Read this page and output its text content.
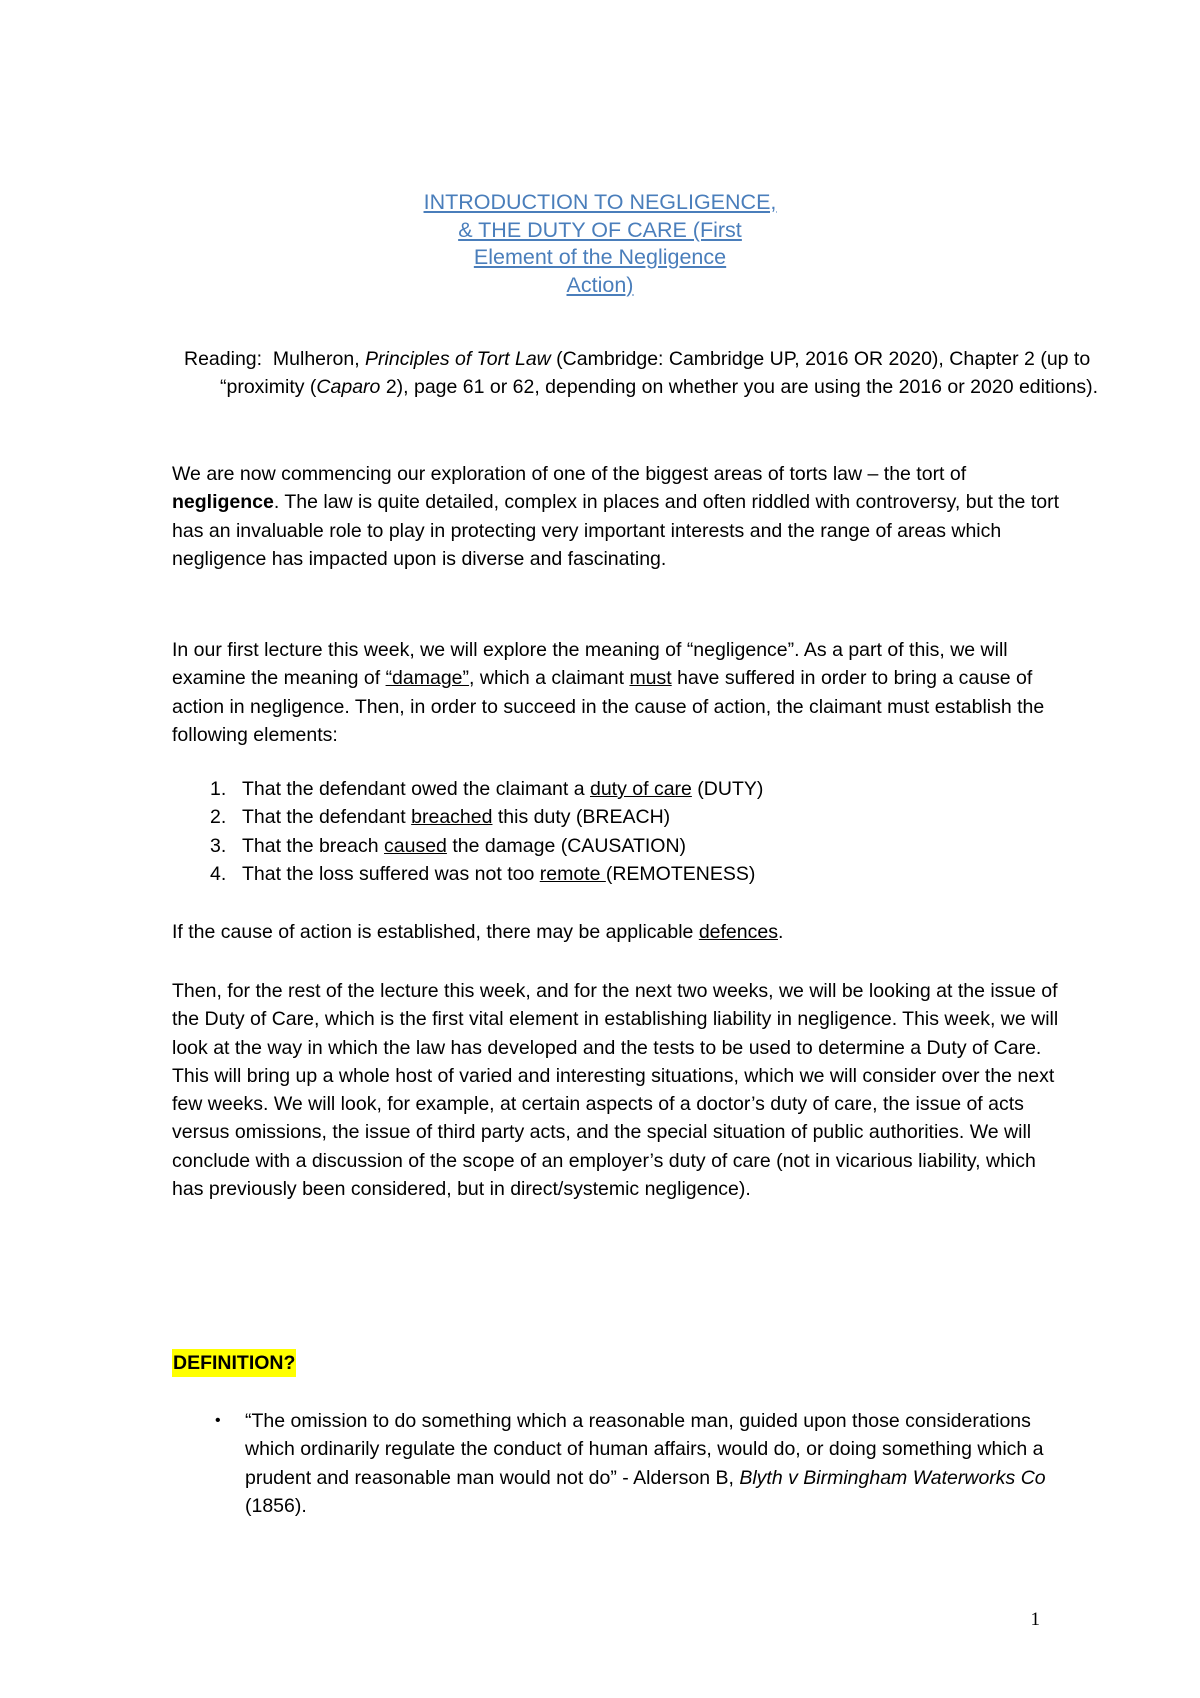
INTRODUCTION TO NEGLIGENCE,
& THE DUTY OF CARE (First
Element of the Negligence
Action)
Reading: Mulheron, Principles of Tort Law (Cambridge: Cambridge UP, 2016 OR 2020), Chapter 2 (up to “proximity (Caparo 2), page 61 or 62, depending on whether you are using the 2016 or 2020 editions).
We are now commencing our exploration of one of the biggest areas of torts law – the tort of negligence. The law is quite detailed, complex in places and often riddled with controversy, but the tort has an invaluable role to play in protecting very important interests and the range of areas which negligence has impacted upon is diverse and fascinating.
In our first lecture this week, we will explore the meaning of “negligence”. As a part of this, we will examine the meaning of “damage”, which a claimant must have suffered in order to bring a cause of action in negligence. Then, in order to succeed in the cause of action, the claimant must establish the following elements:
1. That the defendant owed the claimant a duty of care (DUTY)
2. That the defendant breached this duty (BREACH)
3. That the breach caused the damage (CAUSATION)
4. That the loss suffered was not too remote (REMOTENESS)
If the cause of action is established, there may be applicable defences.
Then, for the rest of the lecture this week, and for the next two weeks, we will be looking at the issue of the Duty of Care, which is the first vital element in establishing liability in negligence. This week, we will look at the way in which the law has developed and the tests to be used to determine a Duty of Care. This will bring up a whole host of varied and interesting situations, which we will consider over the next few weeks. We will look, for example, at certain aspects of a doctor’s duty of care, the issue of acts versus omissions, the issue of third party acts, and the special situation of public authorities. We will conclude with a discussion of the scope of an employer’s duty of care (not in vicarious liability, which has previously been considered, but in direct/systemic negligence).
DEFINITION?
•	“The omission to do something which a reasonable man, guided upon those considerations which ordinarily regulate the conduct of human affairs, would do, or doing something which a prudent and reasonable man would not do” - Alderson B, Blyth v Birmingham Waterworks Co (1856).
1
